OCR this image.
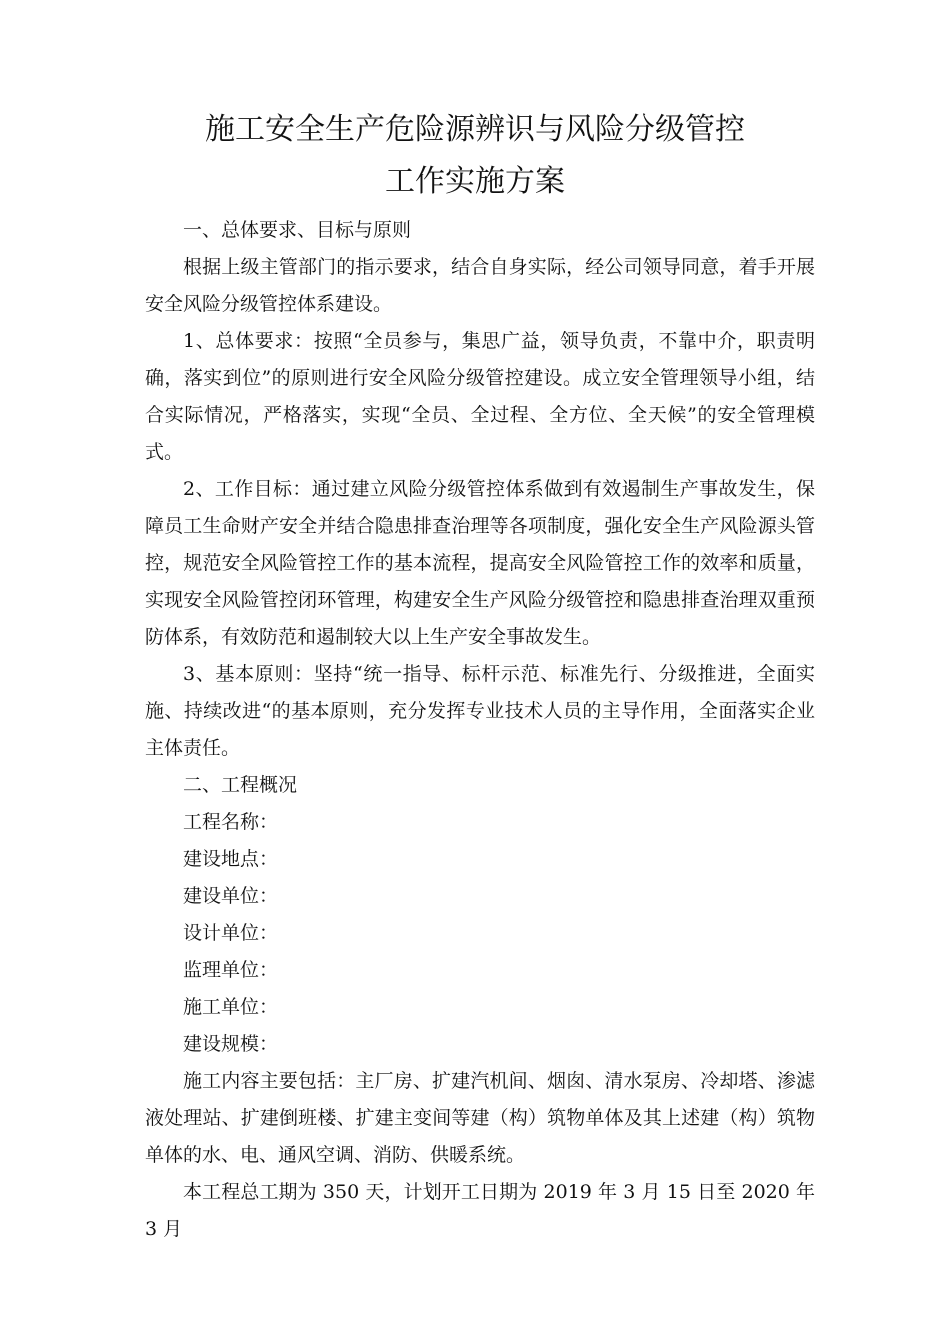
施工安全生产危险源辨识与风险分级管控
工作实施方案

一、总体要求、目标与原则

根据上级主管部门的指示要求，结合自身实际，经公司领导同意，着手开展安全风险分级管控体系建设。

1、总体要求：按照“全员参与，集思广益，领导负责，不靠中介，职责明确，落实到位”的原则进行安全风险分级管控建设。成立安全管理领导小组，结合实际情况，严格落实，实现“全员、全过程、全方位、全天候”的安全管理模式。

2、工作目标：通过建立风险分级管控体系做到有效遏制生产事故发生，保障员工生命财产安全并结合隐患排查治理等各项制度，强化安全生产风险源头管控，规范安全风险管控工作的基本流程，提高安全风险管控工作的效率和质量，实现安全风险管控闭环管理，构建安全生产风险分级管控和隐患排查治理双重预防体系，有效防范和遏制较大以上生产安全事故发生。

3、基本原则：坚持“统一指导、标杆示范、标准先行、分级推进，全面实施、持续改进“的基本原则，充分发挥专业技术人员的主导作用，全面落实企业主体责任。

二、工程概况

工程名称：

建设地点：

建设单位：

设计单位：

监理单位：

施工单位：

建设规模：

施工内容主要包括：主厂房、扩建汽机间、烟囱、清水泵房、冷却塔、渗滤液处理站、扩建倒班楼、扩建主变间等建（构）筑物单体及其上述建（构）筑物单体的水、电、通风空调、消防、供暖系统。

本工程总工期为 350 天，计划开工日期为 2019 年 3 月 15 日至 2020 年 3 月
